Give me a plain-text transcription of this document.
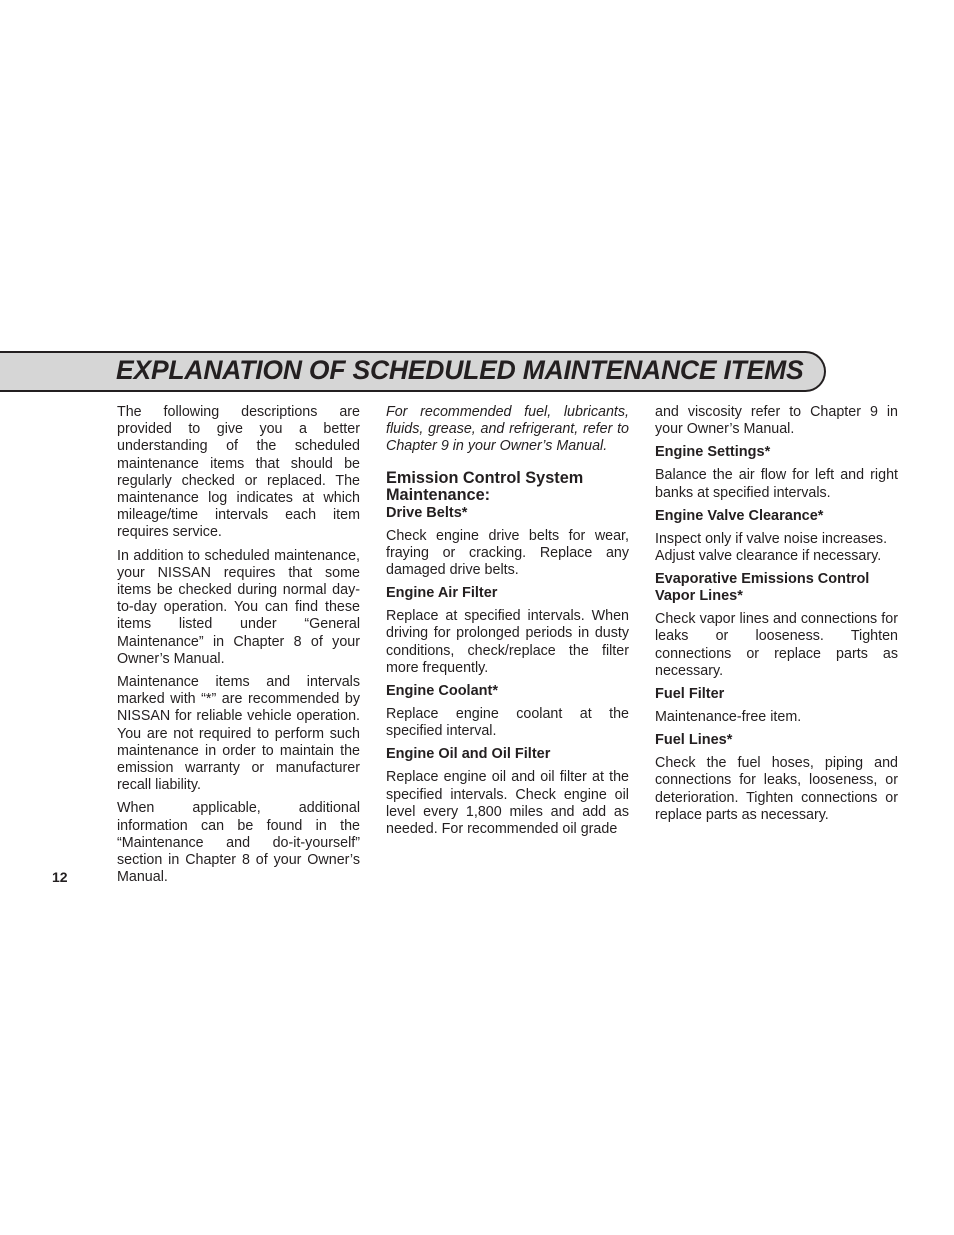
EXPLANATION OF SCHEDULED MAINTENANCE ITEMS

The following descriptions are provided to give you a better understanding of the scheduled maintenance items that should be regularly checked or replaced. The maintenance log indicates at which mileage/time intervals each item requires service.

In addition to scheduled maintenance, your NISSAN requires that some items be checked during normal day-to-day operation. You can find these items listed under “General Maintenance” in Chapter 8 of your Owner’s Manual.

Maintenance items and intervals marked with “*” are recommended by NISSAN for reliable vehicle operation. You are not required to perform such maintenance in order to maintain the emission warranty or manufacturer recall liability.

When applicable, additional information can be found in the “Maintenance and do-it-yourself” section in Chapter 8 of your Owner’s Manual.

For recommended fuel, lubricants, fluids, grease, and refrigerant, refer to Chapter 9 in your Owner’s Manual.

Emission Control System Maintenance:
Drive Belts*

Check engine drive belts for wear, fraying or cracking. Replace any damaged drive belts.

Engine Air Filter

Replace at specified intervals. When driving for prolonged periods in dusty conditions, check/replace the filter more frequently.

Engine Coolant*

Replace engine coolant at the specified interval.

Engine Oil and Oil Filter

Replace engine oil and oil filter at the specified intervals. Check engine oil level every 1,800 miles and add as needed. For recommended oil grade

and viscosity refer to Chapter 9 in your Owner’s Manual.

Engine Settings*

Balance the air flow for left and right banks at specified intervals.

Engine Valve Clearance*

Inspect only if valve noise increases. Adjust valve clearance if necessary.

Evaporative Emissions Control Vapor Lines*

Check vapor lines and connections for leaks or looseness. Tighten connections or replace parts as necessary.

Fuel Filter

Maintenance-free item.

Fuel Lines*

Check the fuel hoses, piping and connections for leaks, looseness, or deterioration. Tighten connections or replace parts as necessary.

12
